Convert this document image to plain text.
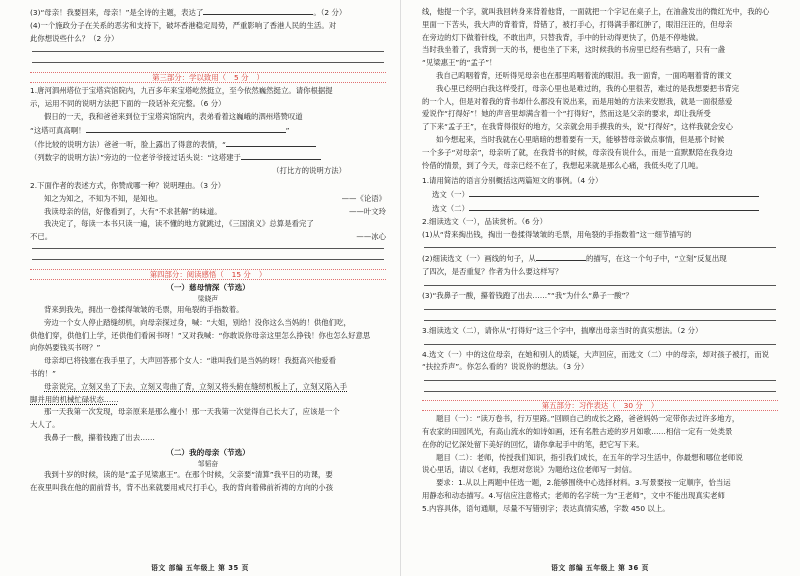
(3)“母亲！我要回来，母亲！”是全诗的主题，表达了	。（2 分）
(4)一个施政分子在关系的恶劣和支持下，破坏香港稳定局势，严重影响了香港人民的生活。对
此你想说些什么？（2 分）
第三部分：学以致用（ 5 分 ）
1.唐河泗州塔位于宝塔宾馆院内，九百多年来宝塔屹然挺立，至今依然巍然挺立。请你根据提
示，运用不同的说明方法把下面的一段话补充完整。（6 分）
假日的一天，我和爸爸来到位于宝塔宾馆院内，表弟看着这巍峨的泗州塔赞叹道
“这塔可真高啊！	”
（作比较的说明方法）爸爸一听，脸上露出了得意的表情，“
（列数字的说明方法）”旁边的一位老爷爷接过话头说：“这塔建于
（打比方的说明方法）
2.下面作者的表述方式，你赞成哪一种？说明理由。（3 分）
知之为知之，不知为不知，是知也。	——《论语》
我读母亲的信，好像看到了，大有“不求甚解”的味道。	——叶文玲
我决定了，每读一本书只读一遍，读不懂的地方就跳过，《三国演义》总算是看完了
不已。	——冰心
第四部分：阅读感悟（ 15 分 ）
（一）慈母情深（节选）
梁晓声
背来到我先，拥出一卷揉得皱皱的毛票，用龟裂的手指数着。
旁边一个女人停止踏缝纫机，向母亲探过身，喊：“大姐，别给！没你这么当妈的！供他们吃，
供他们穿，供他们上学，还供他们看闲书呀！”又对我喊：“你敢说你母亲这里怎么挣钱！你也怎么好意思
向你妈要钱买书呀？”
母亲却已将钱塞在我手里了，大声回答那个女人：“谁叫我们是当妈的呀！我挺高兴他爱看
书的！”
母亲说完，立刻又坐了下去，立刻又弯曲了背，立刻又将头俯在缝纫机板上了，立刻又陷入手
脚并用的机械忙碌状态……
那一天我第一次发现，母亲原来是那么瘦小！那一天我第一次觉得自己长大了，应该是一个
大人了。
我鼻子一酸，攥着钱跑了出去……
（二）我的母亲（节选）
邹韬奋
我到十岁的时候，读的是“孟子见梁惠王”。在那个时候，父亲要“清算”我平日的功课，要
在夜里叫我在他的面前背书，背不出来就要用戒尺打手心，我的背向着佛前祈祷的方向的小孩
语文 部编 五年级上 第 35 页
线，他提一个字，就叫我回转身来背着他背，一面就把一个字记在桌子上，在油盏发出的微红光中，我的心
里面一下苦头，我大声的背着背，背错了，被打手心，打得满手都红肿了，眼泪汪汪的，但母亲
在旁边的灯下做着针线，不敢出声，只替我背，手中的针动得更快了，仍是不停地做。
当时我坐着了，我背到一天的书，便也坐了下来，这时候我的书房里已经有些暗了，只有一盏
“见梁惠王”的“孟子”！
我自己呜咽着背，还听得见母亲也在那里呜咽着流的眼泪。我一面背，一面呜咽着背的课文
我心里已经明白我这样受打，母亲心里也是难过的，我的心里很苦，难过的是我想要把书背完
的一个人，但是对着我的背书却什么都没有说出来，而是用她的方法来安慰我，就是一面很慈爱
爱说作“打得好”！她的声音里却满含着一个“打得好”，然而这是父亲的要求，却让我所受
了下来“孟子王”，在我背得很好的地方，父亲就会用手摸我的头，说“打得好”，这样我就会安心
如今想起来，当时我就在心里暗暗的想着要有一天，能够替母亲做点事情，但是那个时候
一个多子“对母亲”，母亲听了就，在我背书的时候，母亲没有说什么，而是一直默默陪在我身边
怜借的情景，到了今天，母亲已经不在了，我想起来就是那么心痛，我低头吃了几吨。
1.请用简洁的语言分别概括这两篇短文的事例。（4 分）
选文（一）
选文（二）
2.细读选文（一），品读赏析。（6 分）
(1)从“背来掏出钱，掏出一卷揉得皱皱的毛票，用龟裂的手指数着”这一细节描写的
(2)细读选文（一）画线的句子，从	的描写，在这一个句子中，“立刻”反复出现
了四次，是否重复？作者为什么要这样写？
(3)“我鼻子一酸，攥着钱跑了出去……”“我”为什么“鼻子一酸”？
3.细读选文（二），请你从“打得好”这三个字中，揣摩出母亲当时的真实想法。（2 分）
4.选文（一）中的这位母亲，在她和别人的质疑，大声回应，而选文（二）中的母亲，却对孩子被打，而说
“扶拉乔声”。你怎么看的？说说你的想法。（3 分）
第五部分：习作表达（ 30 分 ）
题目（一）：“读万卷书，行万里路。”回顾自己的成长之路，爸爸妈妈一定带你去过许多地方，
有农家的田园风光，有高山流水的如诗如画，还有名胜古迹的岁月如歌……相信一定有一处类景
在你的记忆深处留下美好的回忆，请你拿起手中的笔，把它写下来。
题目（二）：老师，传授我们知识，指引我们成长，在五年的学习生活中，你最想和哪位老师说
说心里话，请以《老师，我想对您说》为题给这位老师写一封信。
要求：1.从以上两题中任选一题，2.能够围绕中心选择材料。3.写景要按一定顺序，恰当运
用静态和动态描写。4.写信应注意格式；老师的名字统一为“王老师”，文中不能出现真实老师
5.内容具体，语句通顺，尽量不写错别字；表达真情实感，字数 450 以上。
语文 部编 五年级上 第 36 页
